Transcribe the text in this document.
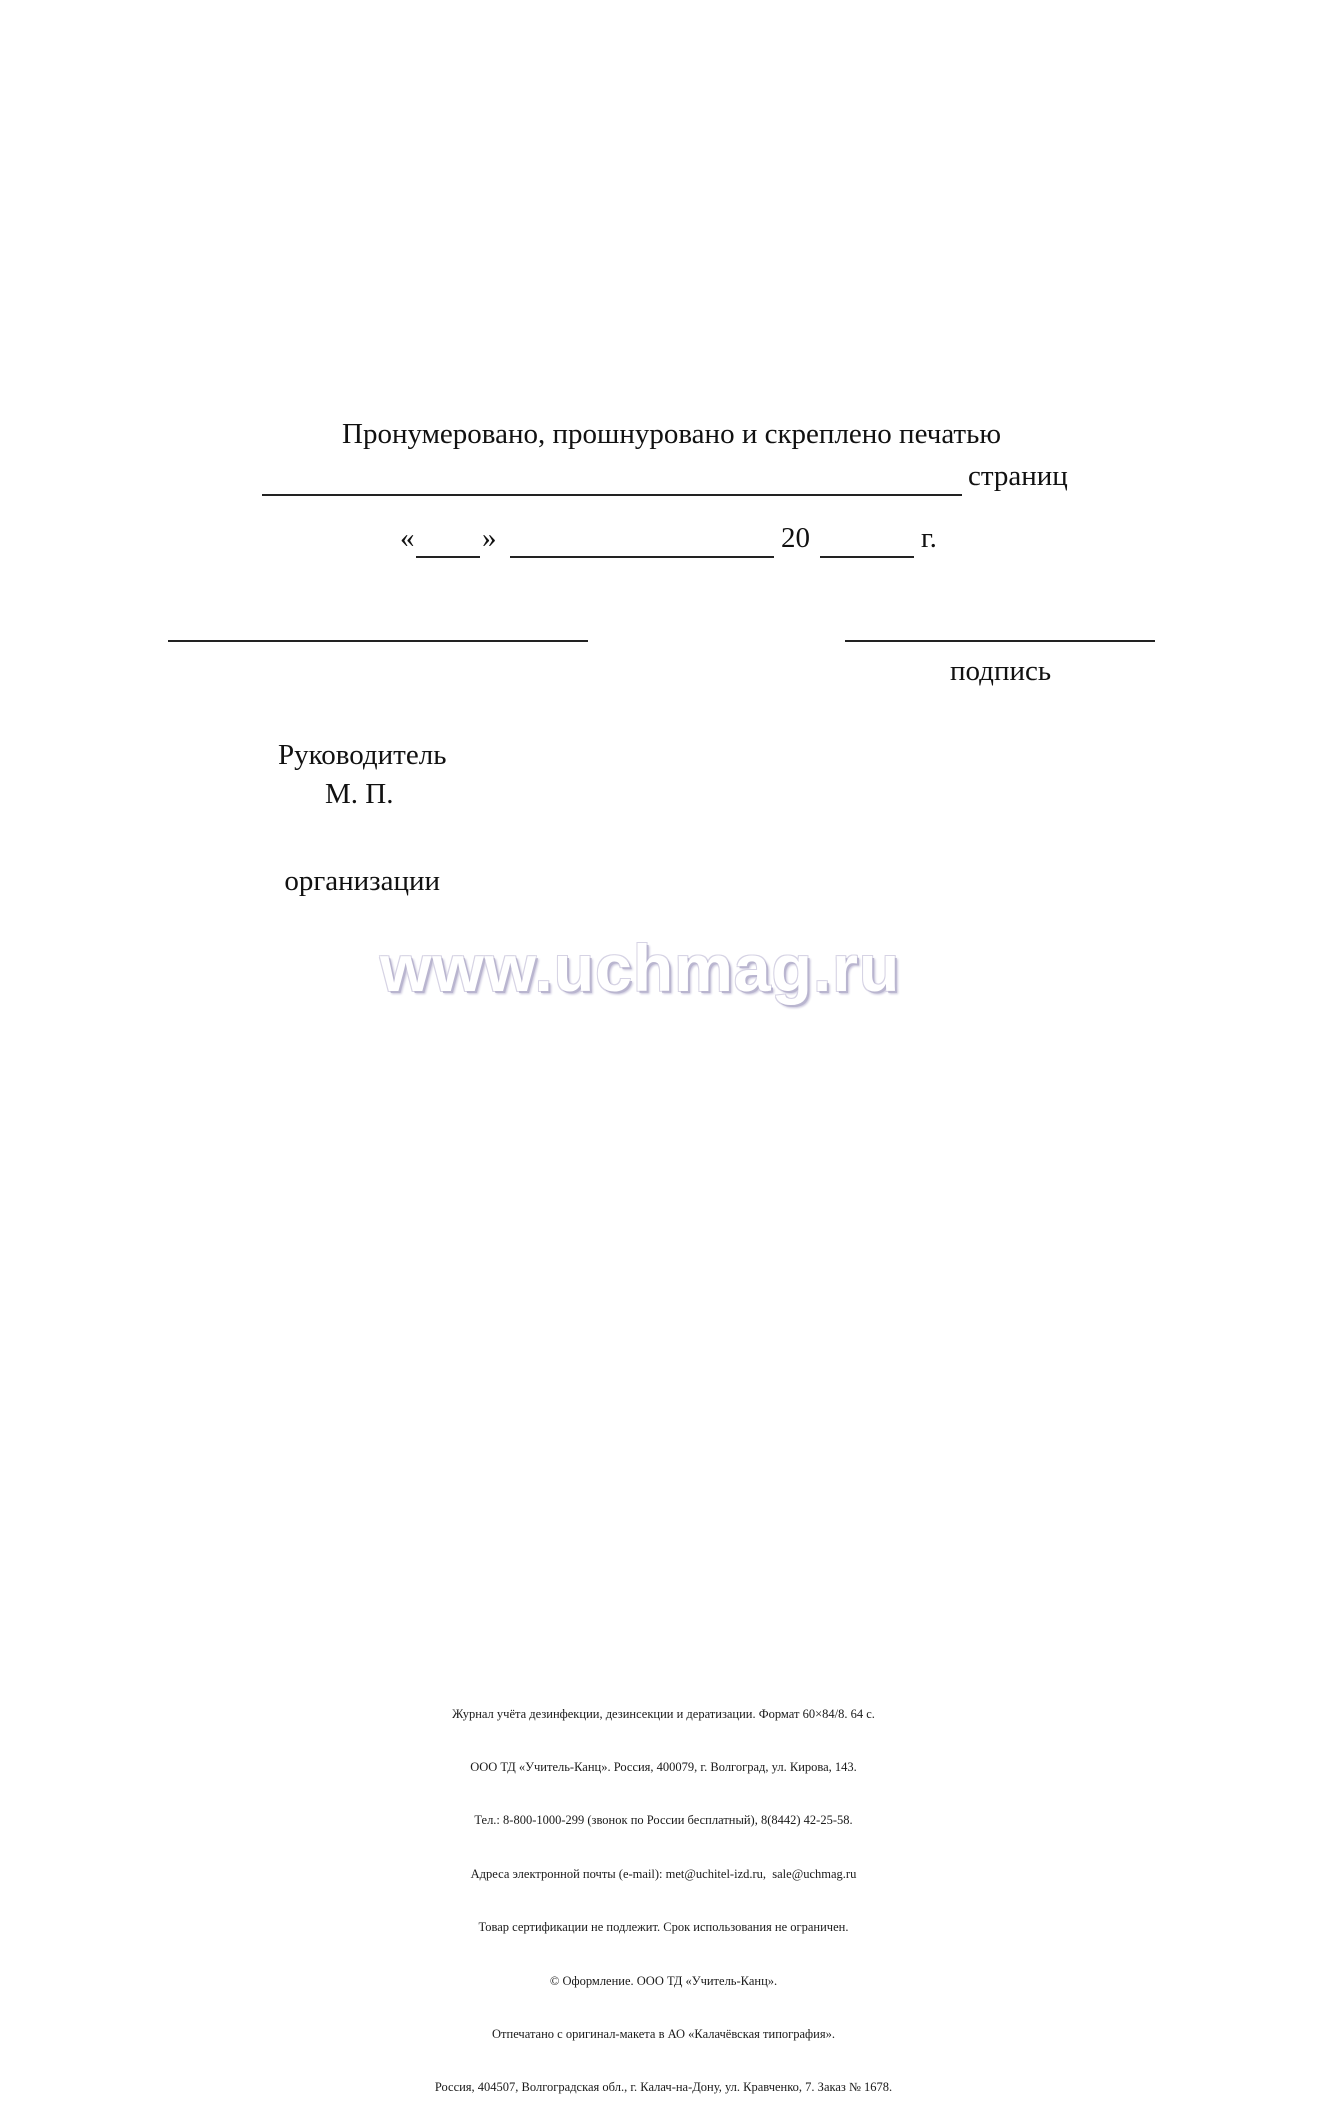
Пронумеровано, прошнуровано и скреплено печатью
страниц

«

»

	20

	г.

Руководитель

организации

подпись
М. П.
www.uchmag.ru

Журнал учёта дезинфекции, дезинсекции и дератизации. Формат 60×84/8. 64 с.

ООО ТД «Учитель-Канц». Россия, 400079, г. Волгоград, ул. Кирова, 143.

Тел.: 8-800-1000-299 (звонок по России бесплатный), 8(8442) 42-25-58.

Адреса электронной почты (e-mail): met@uchitel-izd.ru,  sale@uchmag.ru

Товар сертификации не подлежит. Срок использования не ограничен.

© Оформление. ООО ТД «Учитель-Канц».

Отпечатано с оригинал-макета в АО «Калачёвская типография».

Россия, 404507, Волгоградская обл., г. Калач-на-Дону, ул. Кравченко, 7. Заказ № 1678.
